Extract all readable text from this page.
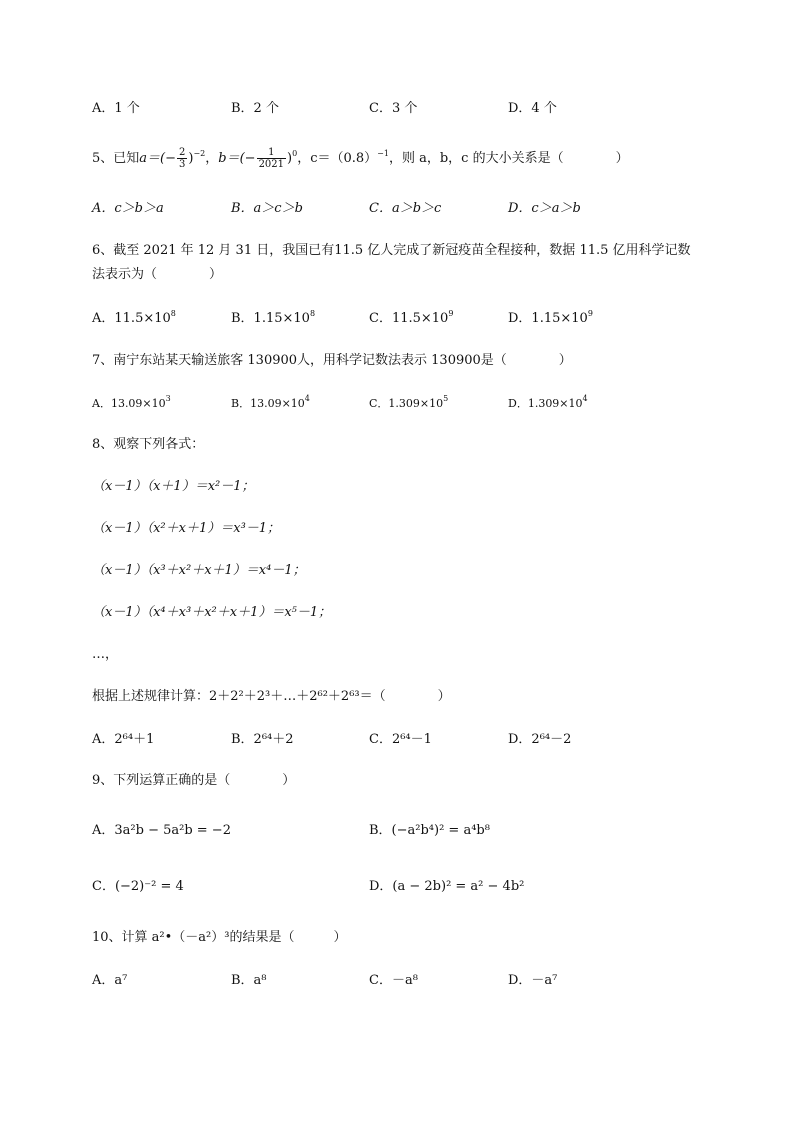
A．1 个	B．2 个	C．3 个	D．4 个
5、已知$a=(- \frac{2}{3} )^{-2}$，$b=(- \frac{1}{2021} )^0$，$c=(0.8)^{-1}$，则 a，b，c 的大小关系是（　　　　）
A．c＞b＞a	B．a＞c＞b	C．a＞b＞c	D．c＞a＞b
6、截至 2021 年 12 月 31 日，我国已有11.5 亿人完成了新冠疫苗全程接种，数据 11.5 亿用科学记数
法表示为（　　　　）
A．$11.5\times 10^8$	B．$1.15\times 10^8$	C．$11.5\times 10^9$	D．$1.15\times 10^9$
7、南宁东站某天输送旅客 130900人，用科学记数法表示 130900是（　　　　）
A．$13.09\times 10^3$	B．$13.09\times 10^4$	C．$1.309\times 10^5$	D．$1.309\times 10^4$
8、观察下列各式：
（x－1）（x＋1）＝x²－1；
（x－1）（x²＋x＋1）＝x³－1；
（x－1）（x³＋x²＋x＋1）＝x⁴－1；
（x－1）（x⁴＋x³＋x²＋x＋1）＝x⁵－1；
…，
根据上述规律计算：2＋2²＋2³＋…＋2⁶²＋2⁶³＝（　　　　）
A．2⁶⁴＋1	B．2⁶⁴＋2	C．2⁶⁴－1	D．2⁶⁴－2
9、下列运算正确的是（　　　　）
A．3a²b − 5a²b = −2	B．(−a²b⁴)² = a⁴b⁸
C．(−2)⁻² = 4	D．(a − 2b)² = a² − 4b²
10、计算 a²•（－a²）³的结果是（　　　）
A．a⁷	B．a⁸	C．－a⁸	D．－a⁷
